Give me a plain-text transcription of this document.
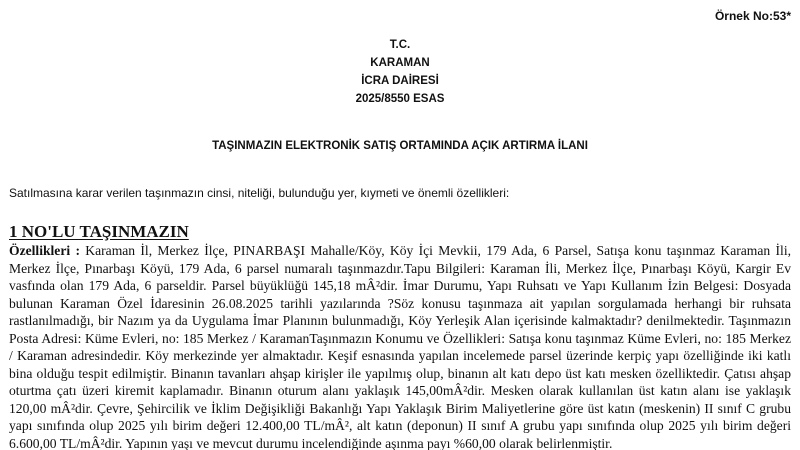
Örnek No:53*
T.C.
KARAMAN
İCRA DAİRESİ
2025/8550 ESAS
TAŞINMAZIN ELEKTRONİK SATIŞ ORTAMINDA AÇIK ARTIRMA İLANI
Satılmasına karar verilen taşınmazın cinsi, niteliği, bulunduğu yer, kıymeti ve önemli özellikleri:
1 NO'LU TAŞINMAZIN

Özellikleri : Karaman İl, Merkez İlçe, PINARBAŞI Mahalle/Köy, Köy İçi Mevkii, 179 Ada, 6 Parsel, Satışa konu taşınmaz Karaman İli, Merkez İlçe, Pınarbaşı Köyü, 179 Ada, 6 parsel numaralı taşınmazdır.Tapu Bilgileri: Karaman İli, Merkez İlçe, Pınarbaşı Köyü, Kargir Ev vasfında olan 179 Ada, 6 parseldir. Parsel büyüklüğü 145,18 mÂ²dir. İmar Durumu, Yapı Ruhsatı ve Yapı Kullanım İzin Belgesi: Dosyada bulunan Karaman Özel İdaresinin 26.08.2025 tarihli yazılarında ?Söz konusu taşınmaza ait yapılan sorgulamada herhangi bir ruhsata rastlanılmadığı, bir Nazım ya da Uygulama İmar Planının bulunmadığı, Köy Yerleşik Alan içerisinde kalmaktadır? denilmektedir. Taşınmazın Posta Adresi: Küme Evleri, no: 185 Merkez / KaramanTaşınmazın Konumu ve Özellikleri: Satışa konu taşınmaz Küme Evleri, no: 185 Merkez / Karaman adresindedir. Köy merkezinde yer almaktadır. Keşif esnasında yapılan incelemede parsel üzerinde kerpiç yapı özelliğinde iki katlı bina olduğu tespit edilmiştir. Binanın tavanları ahşap kirişler ile yapılmış olup, binanın alt katı depo üst katı mesken özelliktedir. Çatısı ahşap oturtma çatı üzeri kiremit kaplamadır. Binanın oturum alanı yaklaşık 145,00mÂ²dir. Mesken olarak kullanılan üst katın alanı ise yaklaşık 120,00 mÂ²dir. Çevre, Şehircilik ve İklim Değişikliği Bakanlığı Yapı Yaklaşık Birim Maliyetlerine göre üst katın (meskenin) II sınıf C grubu yapı sınıfında olup 2025 yılı birim değeri 12.400,00 TL/mÂ², alt katın (deponun) II sınıf A grubu yapı sınıfında olup 2025 yılı birim değeri 6.600,00 TL/mÂ²dir. Yapının yaşı ve mevcut durumu incelendiğinde aşınma payı %60,00 olarak belirlenmiştir.
